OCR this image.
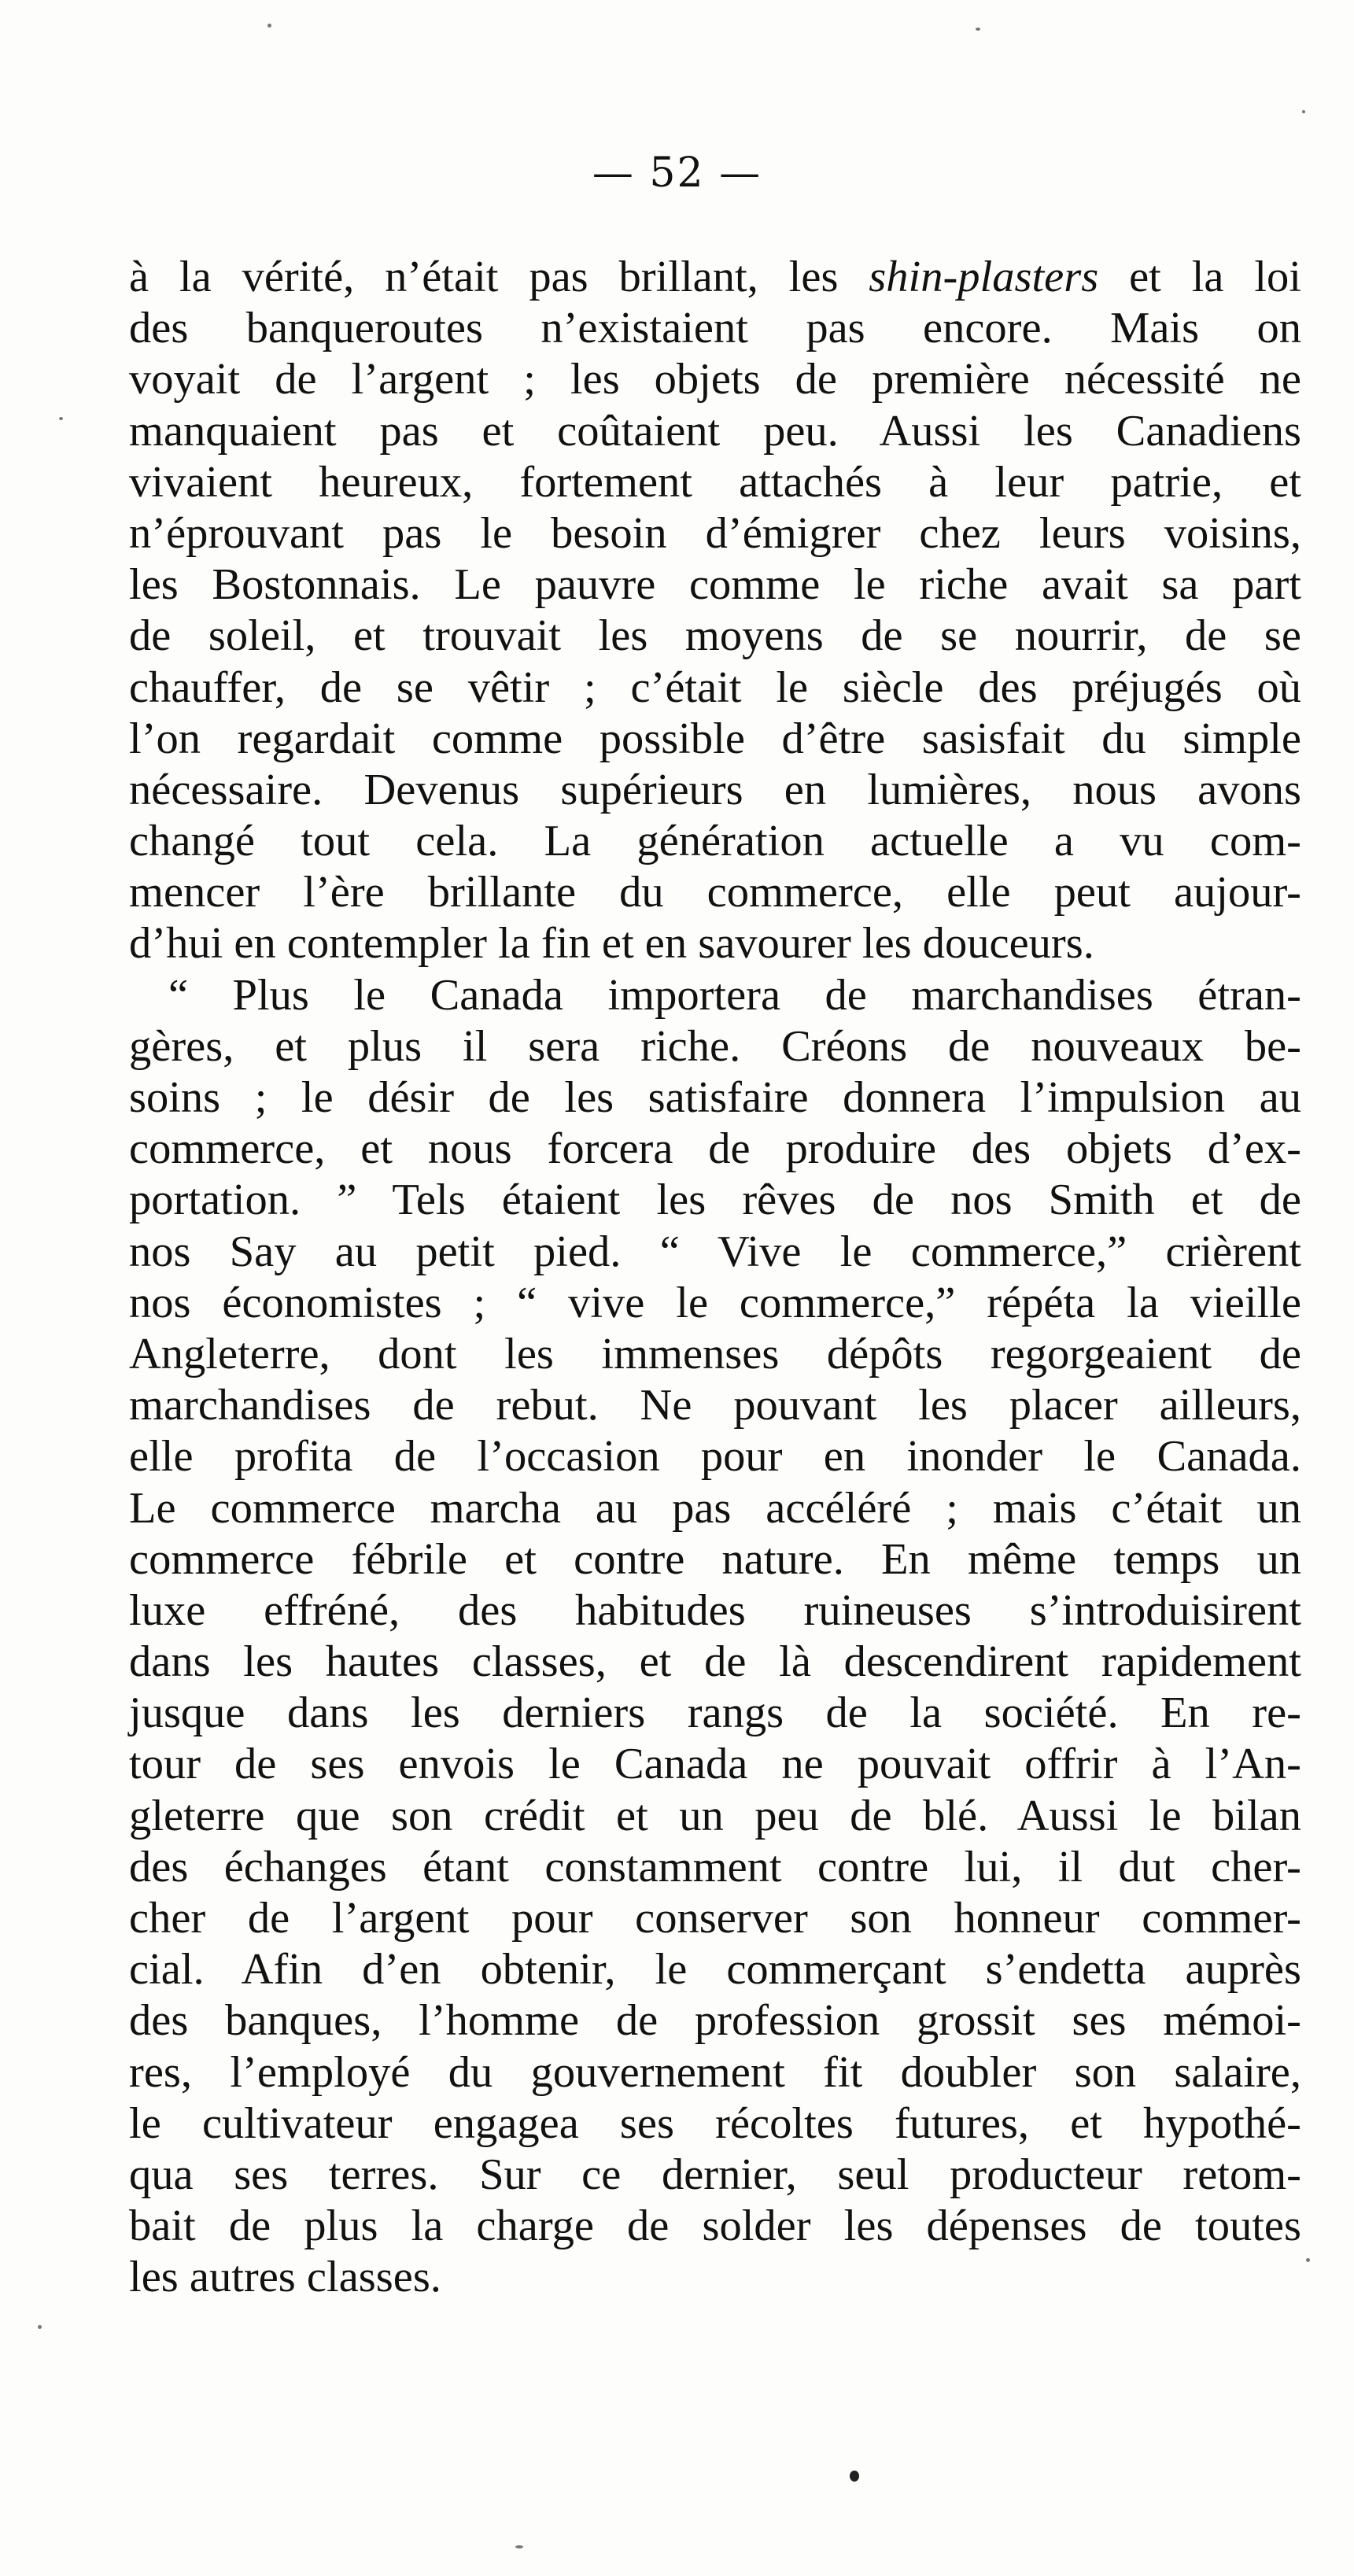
— 52 —
à la vérité, n’était pas brillant, les shin-plasters et la loi
des banqueroutes n’existaient pas encore. Mais on
voyait de l’argent ; les objets de première nécessité ne
manquaient pas et coûtaient peu. Aussi les Canadiens
vivaient heureux, fortement attachés à leur patrie, et
n’éprouvant pas le besoin d’émigrer chez leurs voisins,
les Bostonnais. Le pauvre comme le riche avait sa part
de soleil, et trouvait les moyens de se nourrir, de se
chauffer, de se vêtir ; c’était le siècle des préjugés où
l’on regardait comme possible d’être sasisfait du simple
nécessaire. Devenus supérieurs en lumières, nous avons
changé tout cela. La génération actuelle a vu com-
mencer l’ère brillante du commerce, elle peut aujour-
d’hui en contempler la fin et en savourer les douceurs.
“ Plus le Canada importera de marchandises étran-
gères, et plus il sera riche. Créons de nouveaux be-
soins ; le désir de les satisfaire donnera l’impulsion au
commerce, et nous forcera de produire des objets d’ex-
portation. ” Tels étaient les rêves de nos Smith et de
nos Say au petit pied. “ Vive le commerce,” crièrent
nos économistes ; “ vive le commerce,” répéta la vieille
Angleterre, dont les immenses dépôts regorgeaient de
marchandises de rebut. Ne pouvant les placer ailleurs,
elle profita de l’occasion pour en inonder le Canada.
Le commerce marcha au pas accéléré ; mais c’était un
commerce fébrile et contre nature. En même temps un
luxe effréné, des habitudes ruineuses s’introduisirent
dans les hautes classes, et de là descendirent rapidement
jusque dans les derniers rangs de la société. En re-
tour de ses envois le Canada ne pouvait offrir à l’An-
gleterre que son crédit et un peu de blé. Aussi le bilan
des échanges étant constamment contre lui, il dut cher-
cher de l’argent pour conserver son honneur commer-
cial. Afin d’en obtenir, le commerçant s’endetta auprès
des banques, l’homme de profession grossit ses mémoi-
res, l’employé du gouvernement fit doubler son salaire,
le cultivateur engagea ses récoltes futures, et hypothé-
qua ses terres. Sur ce dernier, seul producteur retom-
bait de plus la charge de solder les dépenses de toutes
les autres classes.
